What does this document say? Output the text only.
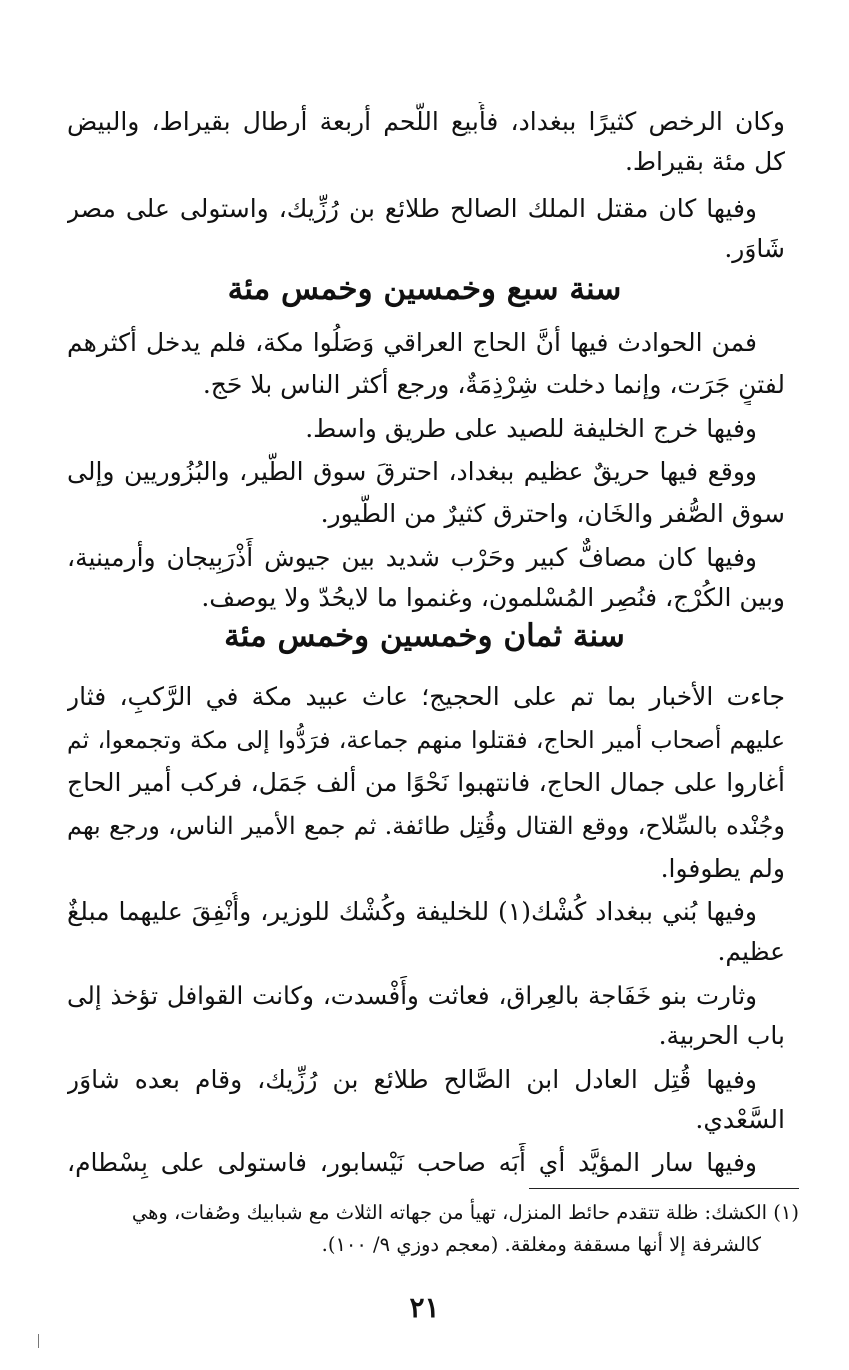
وكان الرخص كثيرًا ببغداد، فأُبيع اللَّحم أربعة أرطال بقيراط، والبيض
كل مئة بقيراط.
وفيها كان مقتل الملك الصالح طلائع بن رُزِّيك، واستولى على مصر
شَاوَر.
سنة سبع وخمسين وخمس مئة
فمن الحوادث فيها أنَّ الحاج العراقي وَصَلُوا مكة، فلم يدخل أكثرهم
لفتنٍ جَرَت، وإنما دخلت شِرْذِمَةٌ، ورجع أكثر الناس بلا حَج.
وفيها خرج الخليفة للصيد على طريق واسط.
ووقع فيها حريقٌ عظيم ببغداد، احترقَ سوق الطَّير، والبُزُوريين وإلى
سوق الصُّفر والخَان، واحترق كثيرٌ من الطُّيور.
وفيها كان مصافٌّ كبير وحَرْب شديد بين جيوش أَذْرَبِيجان وأرمينية،
وبين الكُرْج، فنُصِر المُسْلمون، وغنموا ما لايحُدّ ولا يوصف.
سنة ثمان وخمسين وخمس مئة
جاءت الأخبار بما تم على الحجيج؛ عاث عبيد مكة في الرَّكبِ، فثار
عليهم أصحاب أمير الحاج، فقتلوا منهم جماعة، فرَدُّوا إلى مكة وتجمعوا، ثم
أغاروا على جمال الحاج، فانتهبوا نَحْوًا من ألف جَمَل، فركب أمير الحاج
وجُنْده بالسِّلاح، ووقع القتال وقُتِل طائفة. ثم جمع الأمير الناس، ورجع بهم
ولم يطوفوا.
وفيها بُني ببغداد كُشْك(١) للخليفة وكُشْك للوزير، وأُنْفِقَ عليهما مبلغٌ
عظيم.
وثارت بنو خَفَاجة بالعِراق، فعاثت وأَفْسدت، وكانت القوافل تؤخذ إلى
باب الحربية.
وفيها قُتِل العادل ابن الصَّالح طلائع بن رُزِّيك، وقام بعده شاوَر
السَّعْدي.
وفيها سار المؤيَّد أي أَبَه صاحب نَيْسابور، فاستولى على بِسْطام،
(١) الكشك: ظلة تتقدم حائط المنزل، تهيأ من جهاته الثلاث مع شبابيك وصُفات، وهي
كالشرفة إلا أنها مسقفة ومغلقة. (معجم دوزي ٩/ ١٠٠).
٢١
